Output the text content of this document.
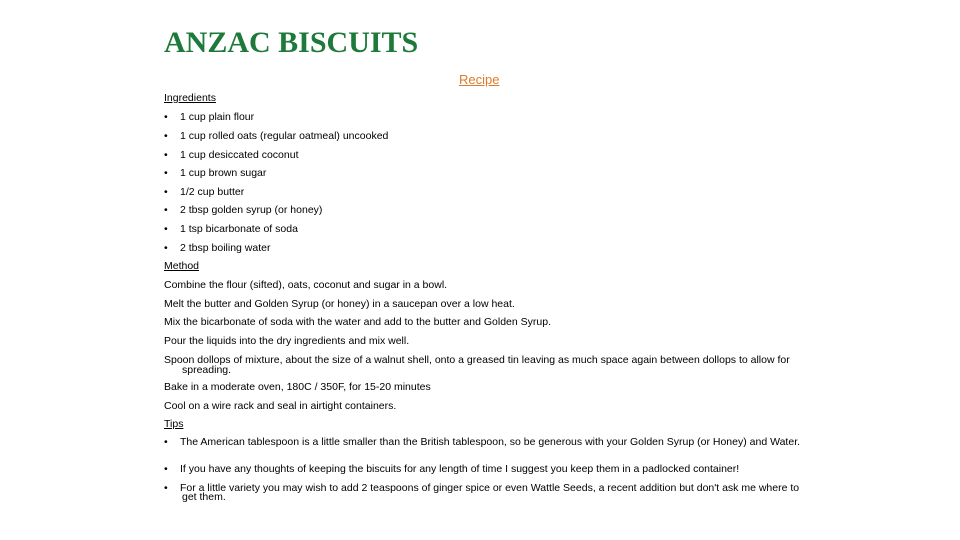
ANZAC BISCUITS
Recipe
Ingredients
• 1 cup plain flour
• 1 cup rolled oats (regular oatmeal) uncooked
• 1 cup desiccated coconut
• 1 cup brown sugar
• 1/2 cup butter
• 2 tbsp golden syrup (or honey)
• 1 tsp bicarbonate of soda
• 2 tbsp boiling water
Method
Combine the flour (sifted), oats, coconut and sugar in a bowl.
Melt the butter and Golden Syrup (or honey) in a saucepan over a low heat.
Mix the bicarbonate of soda with the water and add to the butter and Golden Syrup.
Pour the liquids into the dry ingredients and mix well.
Spoon dollops of mixture, about the size of a walnut shell, onto a greased tin leaving as much space again between dollops to allow for spreading.
Bake in a moderate oven, 180C / 350F, for 15-20 minutes
Cool on a wire rack and seal in airtight containers.
Tips
• The American tablespoon is a little smaller than the British tablespoon, so be generous with your Golden Syrup (or Honey) and Water.
• If you have any thoughts of keeping the biscuits for any length of time I suggest you keep them in a padlocked container!
• For a little variety you may wish to add 2 teaspoons of ginger spice or even Wattle Seeds, a recent addition but don't ask me where to get them.
